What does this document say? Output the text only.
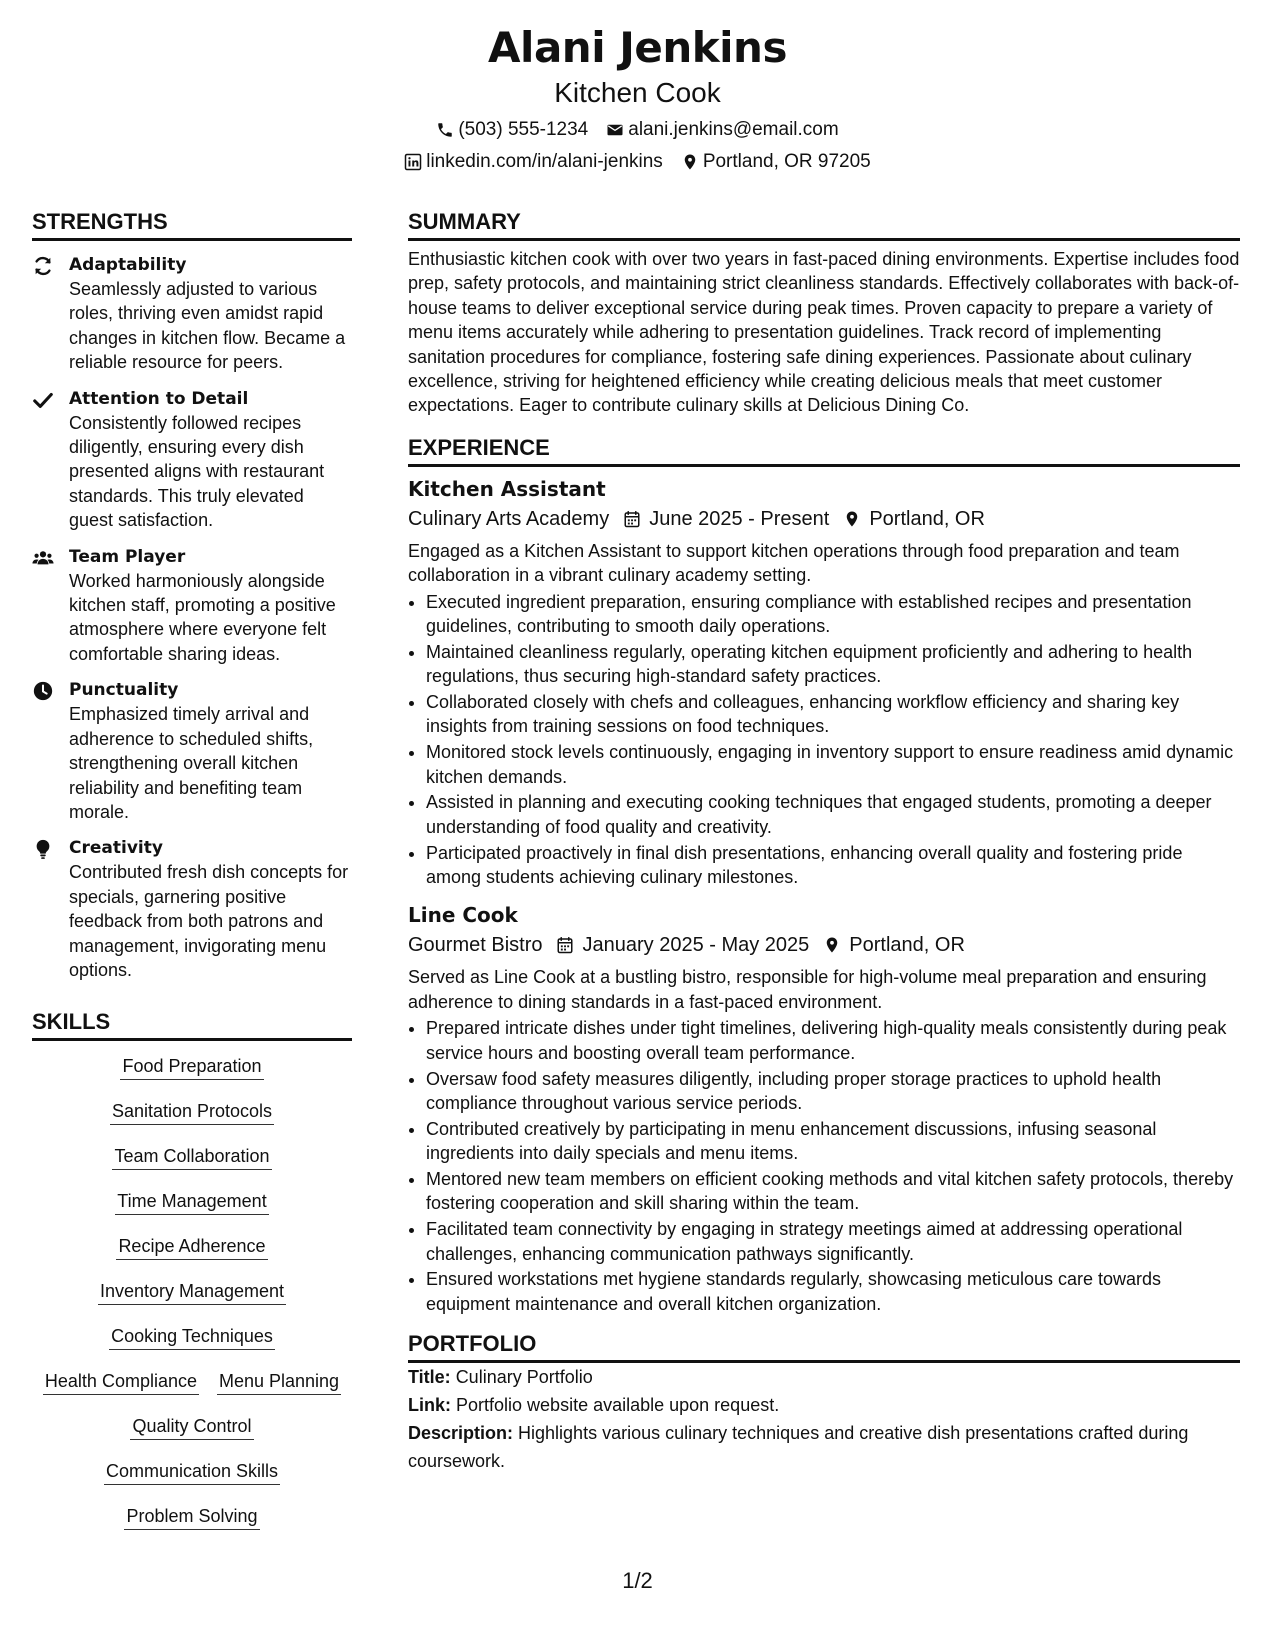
Alani Jenkins
Kitchen Cook
(503) 555-1234 alani.jenkins@email.com
linkedin.com/in/alani-jenkins Portland, OR 97205
STRENGTHS
Adaptability
Seamlessly adjusted to various roles, thriving even amidst rapid changes in kitchen flow. Became a reliable resource for peers.
Attention to Detail
Consistently followed recipes diligently, ensuring every dish presented aligns with restaurant standards. This truly elevated guest satisfaction.
Team Player
Worked harmoniously alongside kitchen staff, promoting a positive atmosphere where everyone felt comfortable sharing ideas.
Punctuality
Emphasized timely arrival and adherence to scheduled shifts, strengthening overall kitchen reliability and benefiting team morale.
Creativity
Contributed fresh dish concepts for specials, garnering positive feedback from both patrons and management, invigorating menu options.
SKILLS
Food Preparation
Sanitation Protocols
Team Collaboration
Time Management
Recipe Adherence
Inventory Management
Cooking Techniques
Health Compliance Menu Planning
Quality Control
Communication Skills
Problem Solving
SUMMARY
Enthusiastic kitchen cook with over two years in fast-paced dining environments. Expertise includes food prep, safety protocols, and maintaining strict cleanliness standards. Effectively collaborates with back-of-house teams to deliver exceptional service during peak times. Proven capacity to prepare a variety of menu items accurately while adhering to presentation guidelines. Track record of implementing sanitation procedures for compliance, fostering safe dining experiences. Passionate about culinary excellence, striving for heightened efficiency while creating delicious meals that meet customer expectations. Eager to contribute culinary skills at Delicious Dining Co.
EXPERIENCE
Kitchen Assistant
Culinary Arts Academy June 2025 - Present Portland, OR
Engaged as a Kitchen Assistant to support kitchen operations through food preparation and team collaboration in a vibrant culinary academy setting.
• Executed ingredient preparation, ensuring compliance with established recipes and presentation guidelines, contributing to smooth daily operations.
• Maintained cleanliness regularly, operating kitchen equipment proficiently and adhering to health regulations, thus securing high-standard safety practices.
• Collaborated closely with chefs and colleagues, enhancing workflow efficiency and sharing key insights from training sessions on food techniques.
• Monitored stock levels continuously, engaging in inventory support to ensure readiness amid dynamic kitchen demands.
• Assisted in planning and executing cooking techniques that engaged students, promoting a deeper understanding of food quality and creativity.
• Participated proactively in final dish presentations, enhancing overall quality and fostering pride among students achieving culinary milestones.
Line Cook
Gourmet Bistro January 2025 - May 2025 Portland, OR
Served as Line Cook at a bustling bistro, responsible for high-volume meal preparation and ensuring adherence to dining standards in a fast-paced environment.
• Prepared intricate dishes under tight timelines, delivering high-quality meals consistently during peak service hours and boosting overall team performance.
• Oversaw food safety measures diligently, including proper storage practices to uphold health compliance throughout various service periods.
• Contributed creatively by participating in menu enhancement discussions, infusing seasonal ingredients into daily specials and menu items.
• Mentored new team members on efficient cooking methods and vital kitchen safety protocols, thereby fostering cooperation and skill sharing within the team.
• Facilitated team connectivity by engaging in strategy meetings aimed at addressing operational challenges, enhancing communication pathways significantly.
• Ensured workstations met hygiene standards regularly, showcasing meticulous care towards equipment maintenance and overall kitchen organization.
PORTFOLIO
Title: Culinary Portfolio
Link: Portfolio website available upon request.
Description: Highlights various culinary techniques and creative dish presentations crafted during coursework.
1/2
